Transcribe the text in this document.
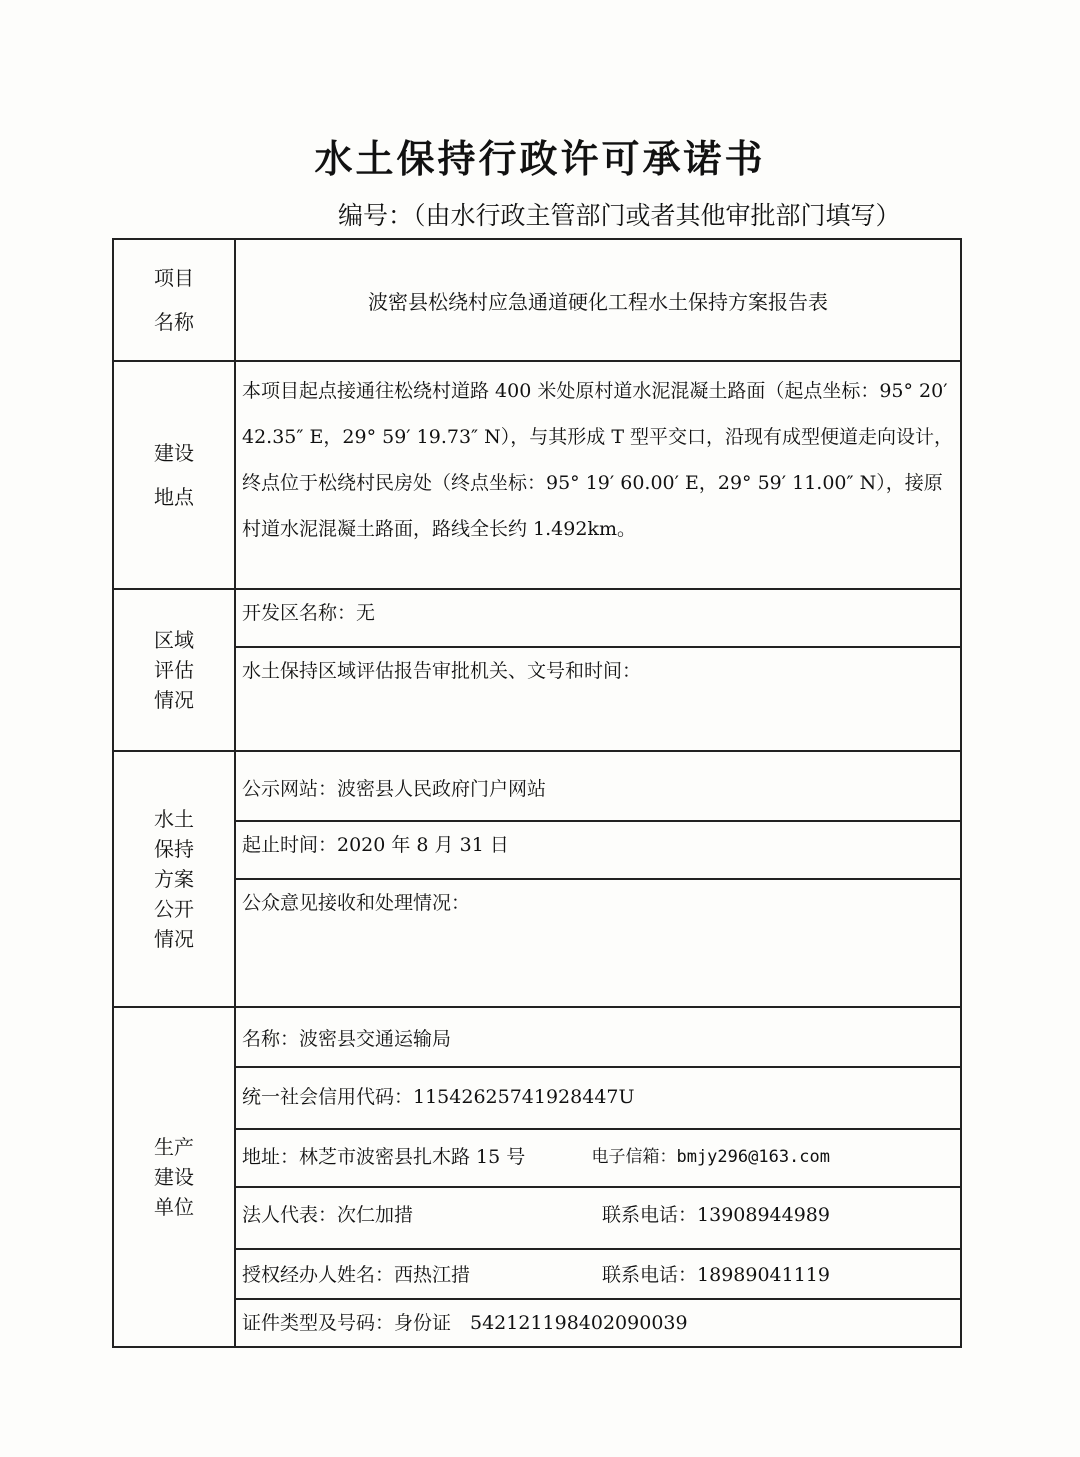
水土保持行政许可承诺书
编号：（由水行政主管部门或者其他审批部门填写）
项目
名称	波密县松绕村应急通道硬化工程水土保持方案报告表

建设
地点	本项目起点接通往松绕村道路 400 米处原村道水泥混凝土路面（起点坐标：95° 20′ 42.35″ E，29° 59′ 19.73″ N），与其形成 T 型平交口，沿现有成型便道走向设计，终点位于松绕村民房处（终点坐标：95° 19′ 60.00′ E，29° 59′ 11.00″ N），接原村道水泥混凝土路面，路线全长约 1.492km。

区域
评估
情况	开发区名称：无

	水土保持区域评估报告审批机关、文号和时间：

水土
保持
方案
公开
情况	公示网站：波密县人民政府门户网站

	起止时间：2020 年 8 月 31 日

	公众意见接收和处理情况：

生产
建设
单位	名称：波密县交通运输局

	统一社会信用代码：11542625741928447U

	地址：林芝市波密县扎木路 15 号 电子信箱：bmjy296@163.com

	法人代表：次仁加措 联系电话：13908944989

	授权经办人姓名：西热江措 联系电话：18989041119

	证件类型及号码：身份证　542121198402090039
